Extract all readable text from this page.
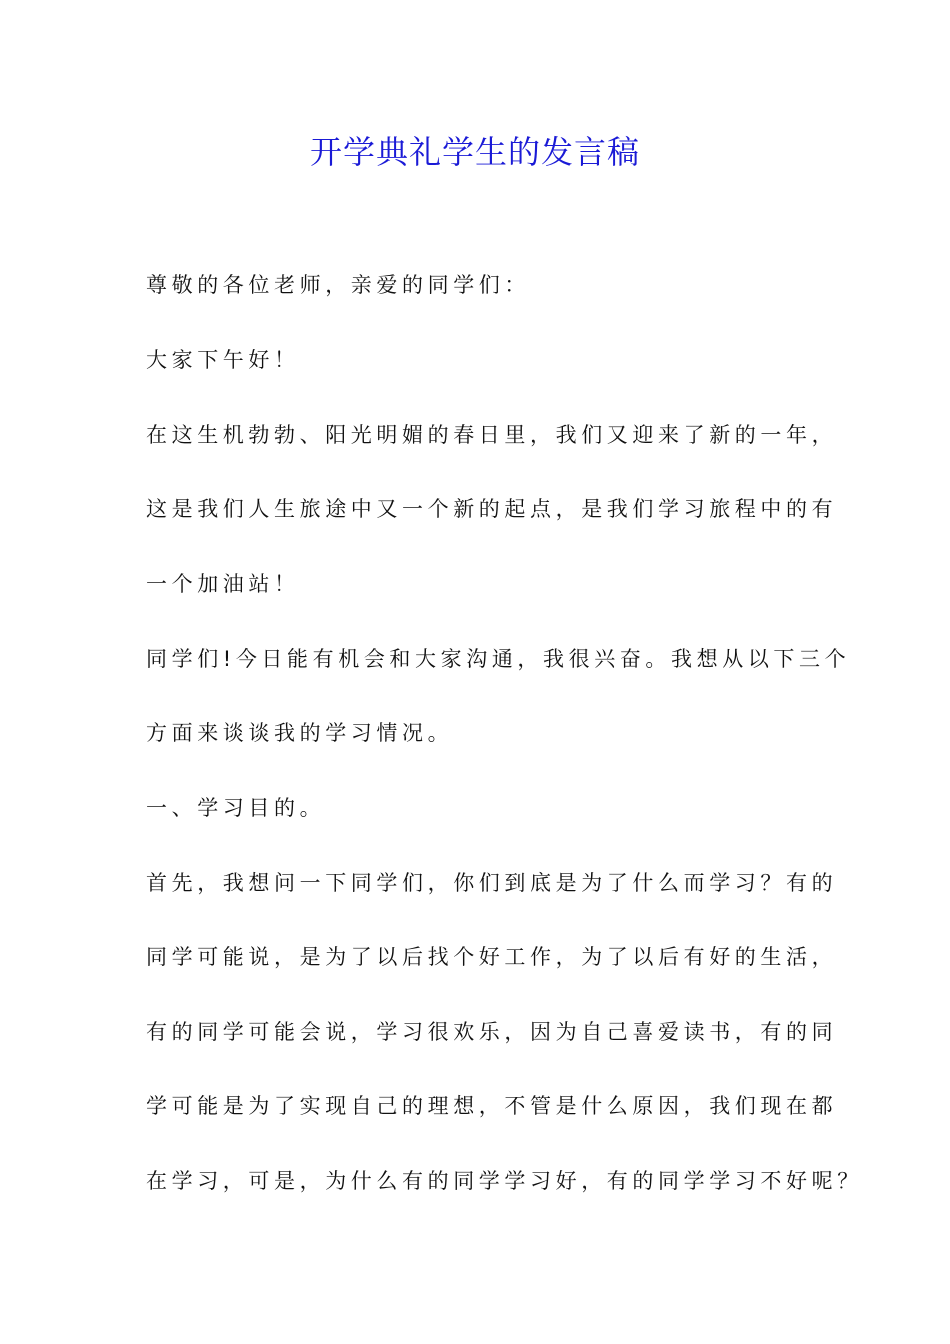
开学典礼学生的发言稿
尊敬的各位老师，亲爱的同学们：
大家下午好！
在这生机勃勃、阳光明媚的春日里，我们又迎来了新的一年，
这是我们人生旅途中又一个新的起点，是我们学习旅程中的有
一个加油站！
同学们!今日能有机会和大家沟通，我很兴奋。我想从以下三个
方面来谈谈我的学习情况。
一、学习目的。
首先，我想问一下同学们，你们到底是为了什么而学习？有的
同学可能说，是为了以后找个好工作，为了以后有好的生活，
有的同学可能会说，学习很欢乐，因为自己喜爱读书，有的同
学可能是为了实现自己的理想，不管是什么原因，我们现在都
在学习，可是，为什么有的同学学习好，有的同学学习不好呢？
